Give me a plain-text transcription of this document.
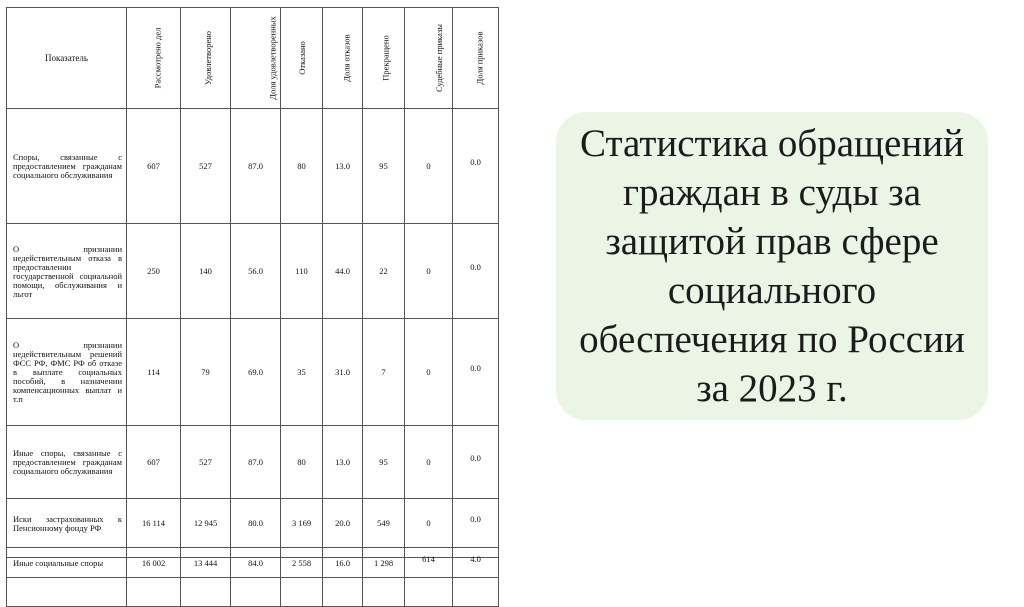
Показатель	Рассмотрено дел	Удовлетворено	Доля удовлетворенных	Отказано	Доля отказов	Прекращено	Судебные приказы	Доля приказов
Споры, связанные с предоставлением гражданам социального обслуживания	607	527	87.0	80	13.0	95	0	0.0
О признании недействительным отказа в предоставлении государственной социальной помощи, обслуживания и льгот	250	140	56.0	110	44.0	22	0	0.0
О признании недействительным решений ФСС РФ, ФМС РФ об отказе в выплате социальных пособий, в назначении компенсационных выплат и т.п	114	79	69.0	35	31.0	7	0	0.0
Иные споры, связанные с предоставлением гражданам социального обслуживания	607	527	87.0	80	13.0	95	0	0.0
Иски застрахованных к Пенсионному фонду РФ	16 114	12 945	80.0	3 169	20.0	549	0	0.0
Иные социальные споры	16 002	13 444	84.0	2 558	16.0	1 298	614	4.0

Статистика обращений граждан в суды за защитой прав сфере социального обеспечения по России за 2023 г.
